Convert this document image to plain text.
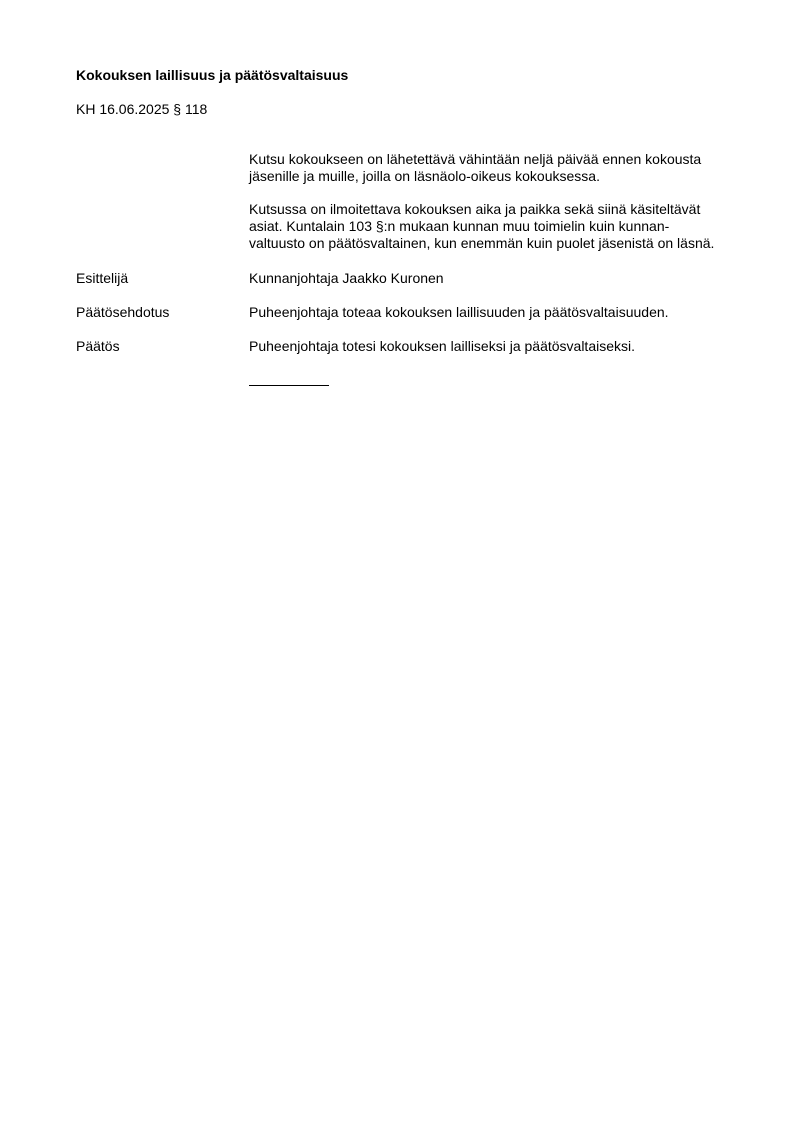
Kokouksen laillisuus ja päätösvaltaisuus
KH 16.06.2025 § 118

Kutsu kokoukseen on lähetettävä vähintään neljä päivää ennen kokousta
jäsenille ja muille, joilla on läsnäolo-oikeus kokouksessa.

Kutsussa on ilmoitettava kokouksen aika ja paikka sekä siinä käsiteltävät
asiat. Kuntalain 103 §:n mukaan kunnan muu toimielin kuin kunnan-
valtuusto on päätösvaltainen, kun enemmän kuin puolet jäsenistä on läsnä.

Esittelijä	Kunnanjohtaja Jaakko Kuronen
Päätösehdotus	Puheenjohtaja toteaa kokouksen laillisuuden ja päätösvaltaisuuden.
Päätös	Puheenjohtaja totesi kokouksen lailliseksi ja päätösvaltaiseksi.
